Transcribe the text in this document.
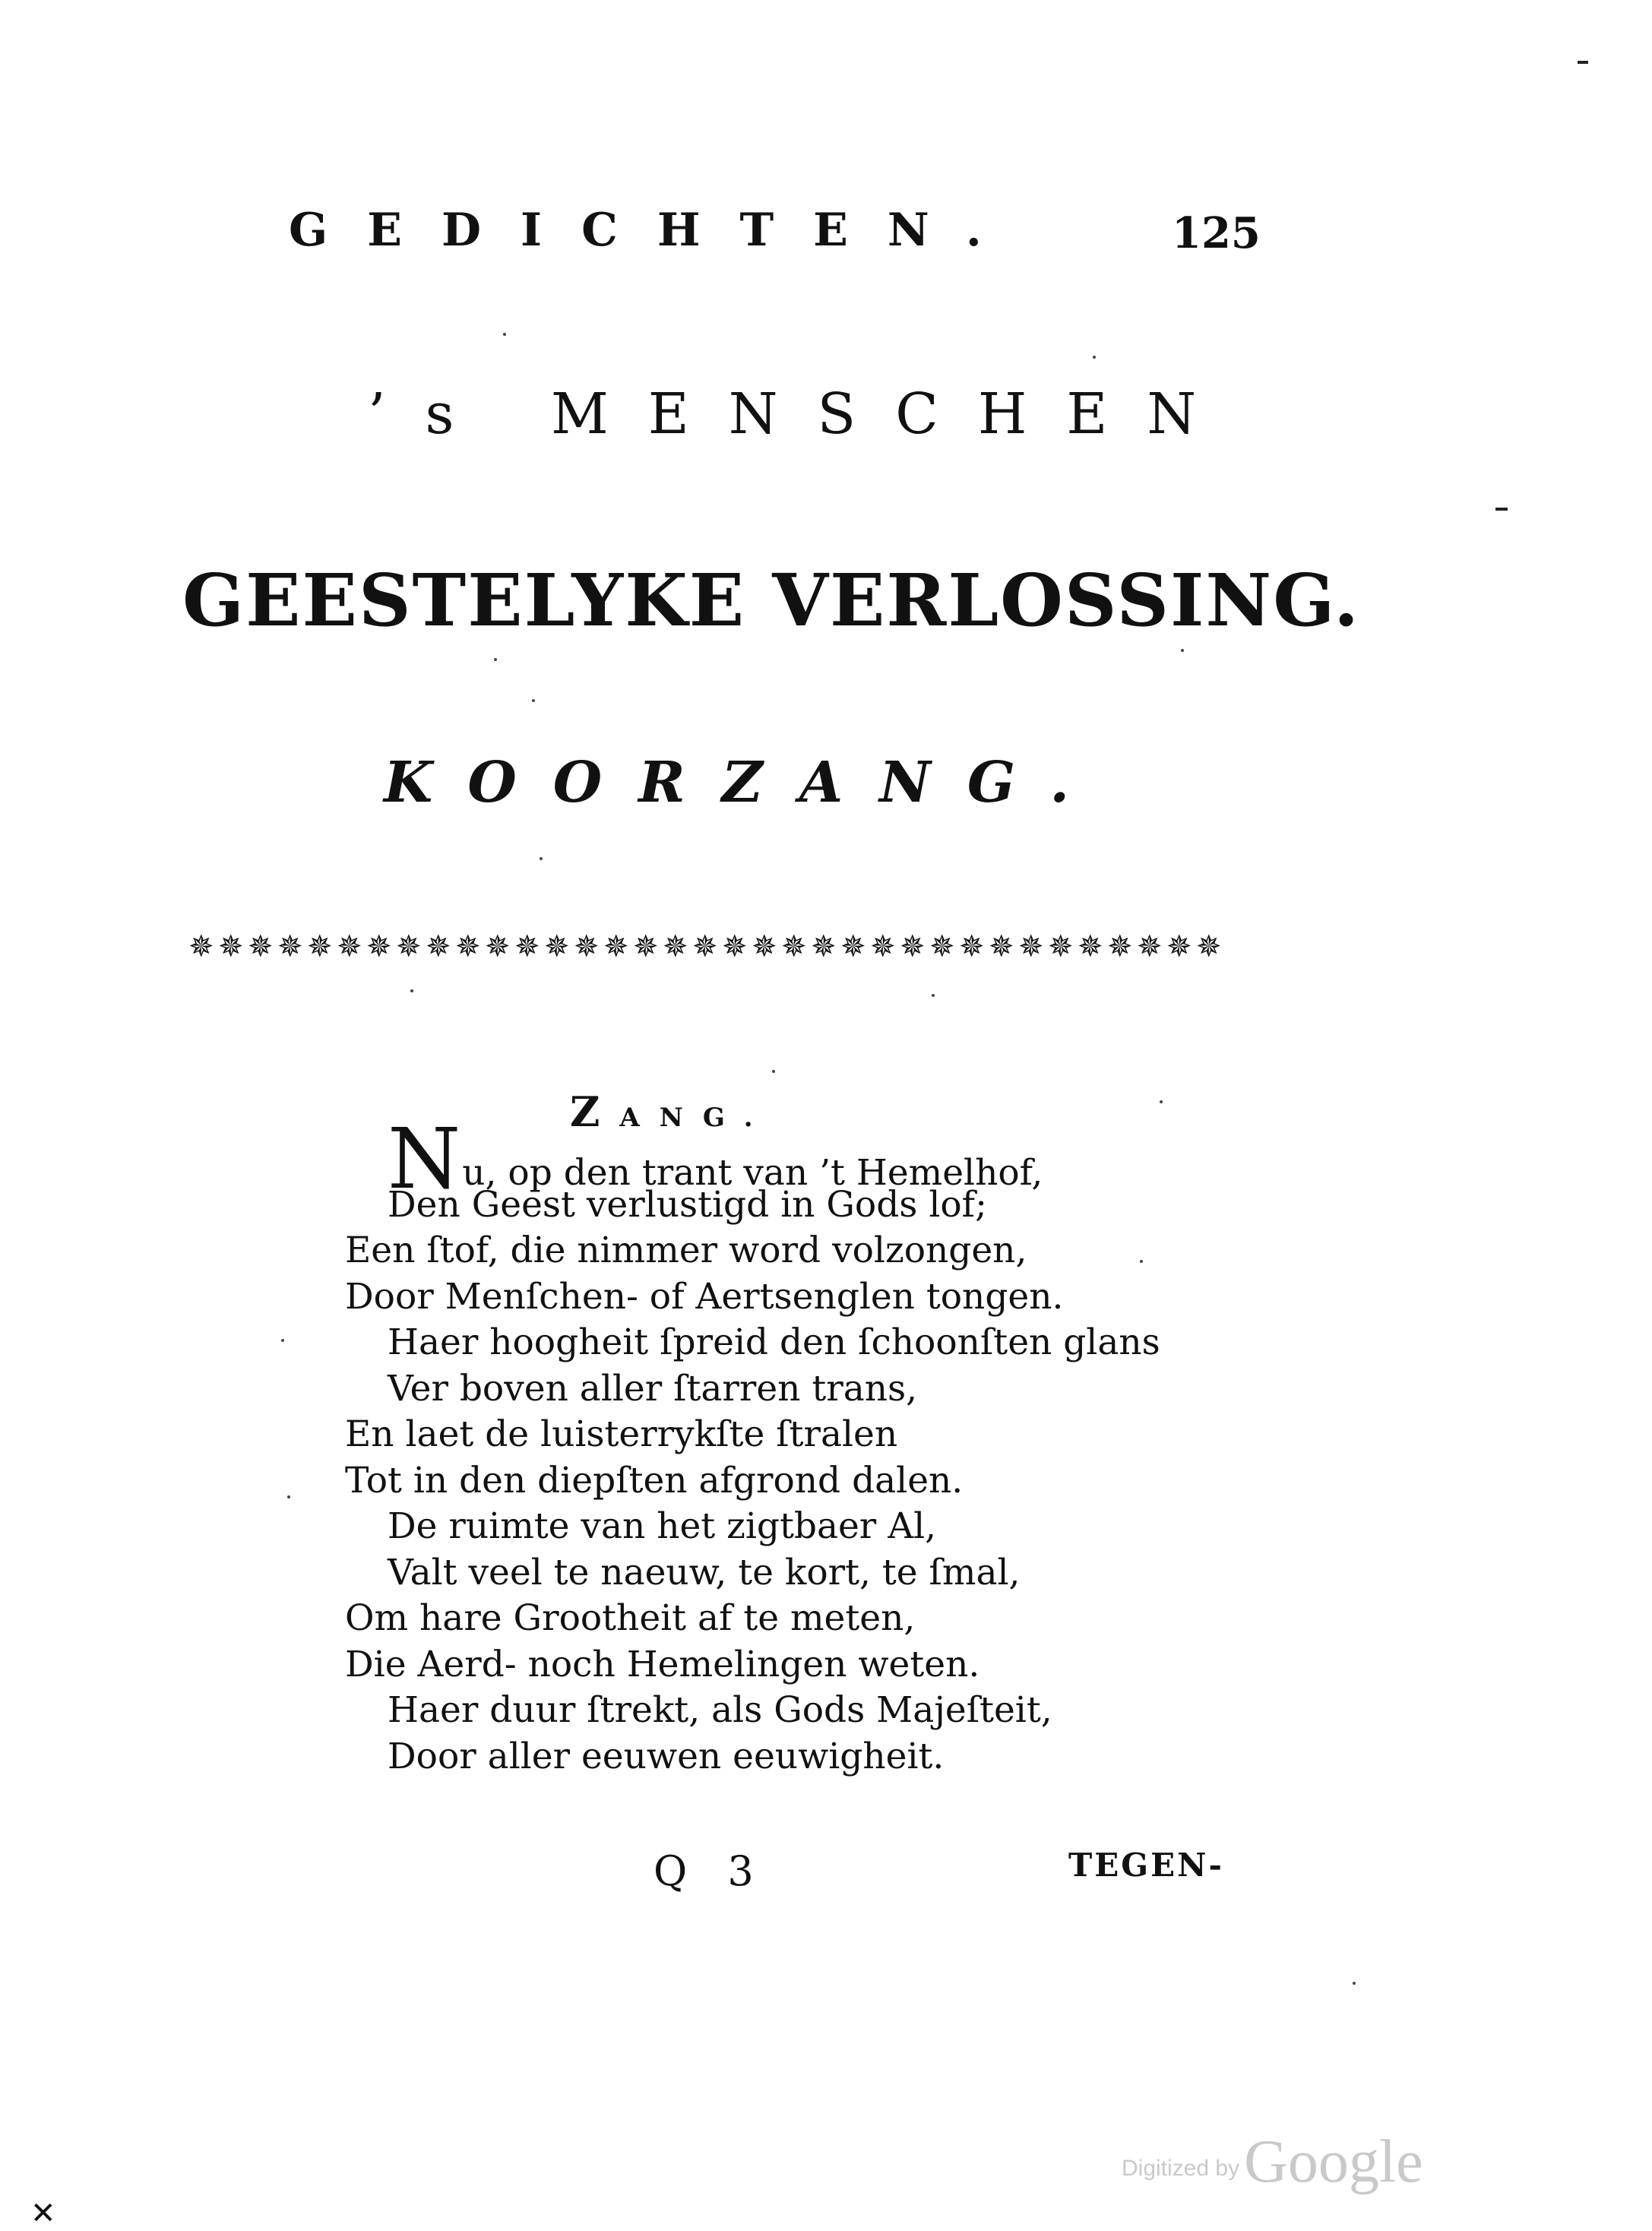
GEDICHTEN.	125
’s MENSCHEN
GEESTELYKE VERLOSSING.
KOORZANG.
✵ ✵ ✵ ✵ ✵ ✵ ✵ ✵ ✵ ✵ ✵ ✵ ✵ ✵ ✵ ✵ ✵ ✵ ✵ ✵ ✵ ✵ ✵ ✵ ✵ ✵ ✵ ✵ ✵ ✵ ✵ ✵ ✵ ✵ ✵
ZANG.
Nu, op den trant van ’t Hemelhof,
Den Geest verlustigd in Gods lof;
Een ſtof, die nimmer word volzongen,
Door Menſchen- of Aertsenglen tongen.
Haer hoogheit ſpreid den ſchoonſten glans
Ver boven aller ſtarren trans,
En laet de luisterrykſte ſtralen
Tot in den diepſten afgrond dalen.
De ruimte van het zigtbaer Al,
Valt veel te naeuw, te kort, te ſmal,
Om hare Grootheit af te meten,
Die Aerd- noch Hemelingen weten.
Haer duur ſtrekt, als Gods Majeſteit,
Door aller eeuwen eeuwigheit.
Q 3	TEGEN-
Digitized byGoogle
✕
